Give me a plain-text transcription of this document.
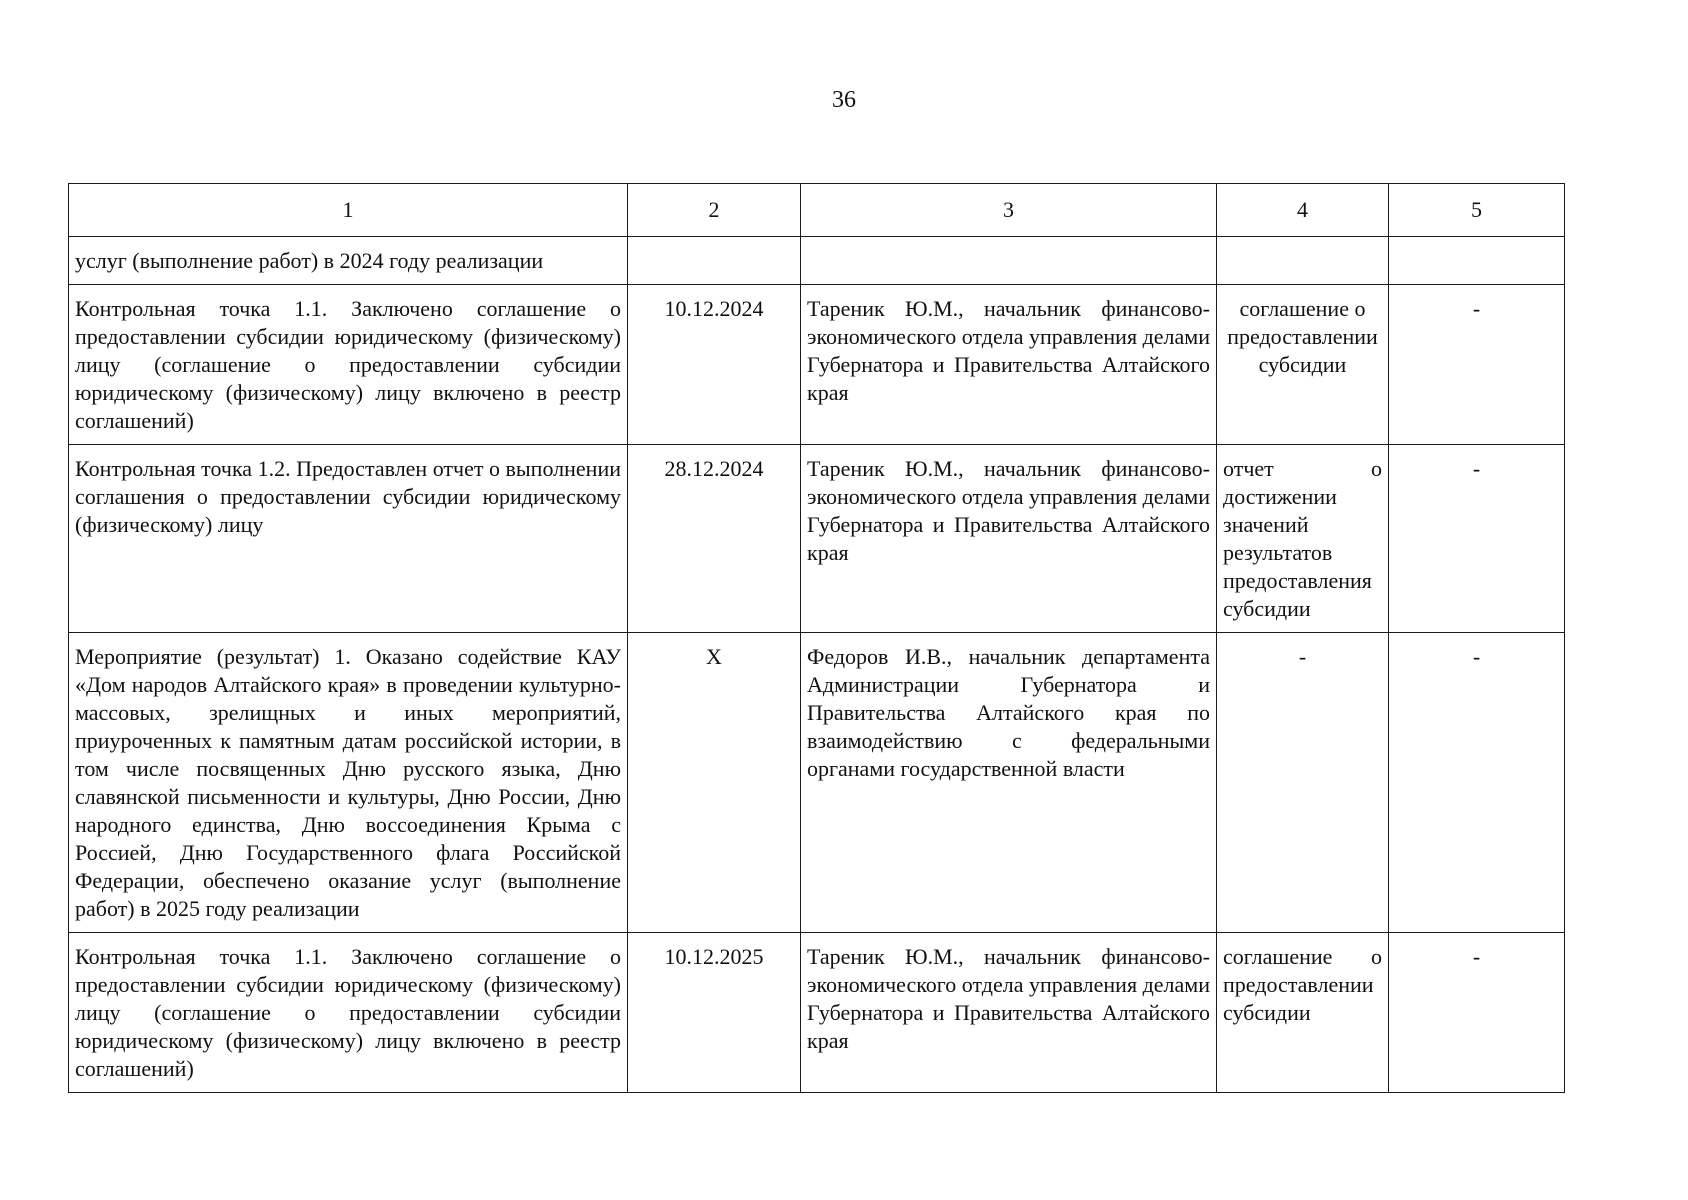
36
1	2	3	4	5
услуг (выполнение работ) в 2024 году реализации				
Контрольная точка 1.1. Заключено соглашение о предоставлении субсидии юридическому (физическому) лицу (соглашение о предоставлении субсидии юридическому (физическому) лицу включено в реестр соглашений)	10.12.2024	Тареник Ю.М., начальник финансово-экономического отдела управления делами Губернатора и Правительства Алтайского края	соглашение о предоставлении субсидии	-
Контрольная точка 1.2. Предоставлен отчет о выполнении соглашения о предоставлении субсидии юридическому (физическому) лицу	28.12.2024	Тареник Ю.М., начальник финансово-экономического отдела управления делами Губернатора и Правительства Алтайского края	отчет о достижении значений результатов предоставления субсидии	-
Мероприятие (результат) 1. Оказано содействие КАУ «Дом народов Алтайского края» в проведении культурно-массовых, зрелищных и иных мероприятий, приуроченных к памятным датам российской истории, в том числе посвященных Дню русского языка, Дню славянской письменности и культуры, Дню России, Дню народного единства, Дню воссоединения Крыма с Россией, Дню Государственного флага Российской Федерации, обеспечено оказание услуг (выполнение работ) в 2025 году реализации	Х	Федоров И.В., начальник департамента Администрации Губернатора и Правительства Алтайского края по взаимодействию с федеральными органами государственной власти	-	-
Контрольная точка 1.1. Заключено соглашение о предоставлении субсидии юридическому (физическому) лицу (соглашение о предоставлении субсидии юридическому (физическому) лицу включено в реестр соглашений)	10.12.2025	Тареник Ю.М., начальник финансово-экономического отдела управления делами Губернатора и Правительства Алтайского края	соглашение о предоставлении субсидии	-
